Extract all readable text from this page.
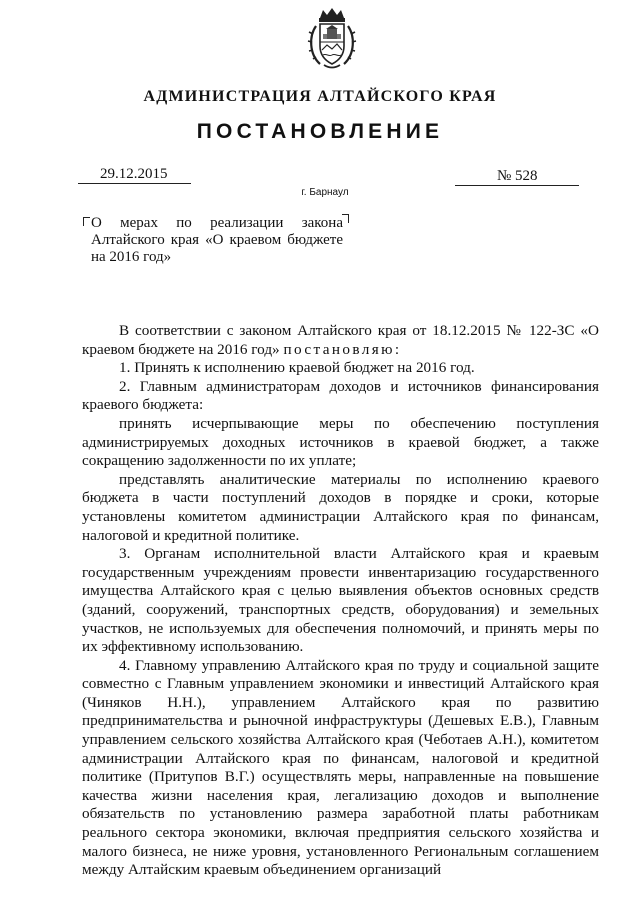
АДМИНИСТРАЦИЯ АЛТАЙСКОГО КРАЯ
ПОСТАНОВЛЕНИЕ
29.12.2015	№ 528
г. Барнаул
О мерах по реализации закона Алтайского края «О краевом бюджете на 2016 год»

В соответствии с законом Алтайского края от 18.12.2015 № 122-ЗС «О краевом бюджете на 2016 год» постановляю:

1. Принять к исполнению краевой бюджет на 2016 год.

2. Главным администраторам доходов и источников финансирования краевого бюджета:

принять исчерпывающие меры по обеспечению поступления администрируемых доходных источников в краевой бюджет, а также сокращению задолженности по их уплате;

представлять аналитические материалы по исполнению краевого бюджета в части поступлений доходов в порядке и сроки, которые установлены комитетом администрации Алтайского края по финансам, налоговой и кредитной политике.

3. Органам исполнительной власти Алтайского края и краевым государственным учреждениям провести инвентаризацию государственного имущества Алтайского края с целью выявления объектов основных средств (зданий, сооружений, транспортных средств, оборудования) и земельных участков, не используемых для обеспечения полномочий, и принять меры по их эффективному использованию.

4. Главному управлению Алтайского края по труду и социальной защите совместно с Главным управлением экономики и инвестиций Алтайского края (Чиняков Н.Н.), управлением Алтайского края по развитию предпринимательства и рыночной инфраструктуры (Дешевых Е.В.), Главным управлением сельского хозяйства Алтайского края (Чеботаев А.Н.), комитетом администрации Алтайского края по финансам, налоговой и кредитной политике (Притупов В.Г.) осуществлять меры, направленные на повышение качества жизни населения края, легализацию доходов и выполнение обязательств по установлению размера заработной платы работникам реального сектора экономики, включая предприятия сельского хозяйства и малого бизнеса, не ниже уровня, установленного Региональным соглашением между Алтайским краевым объединением организаций
